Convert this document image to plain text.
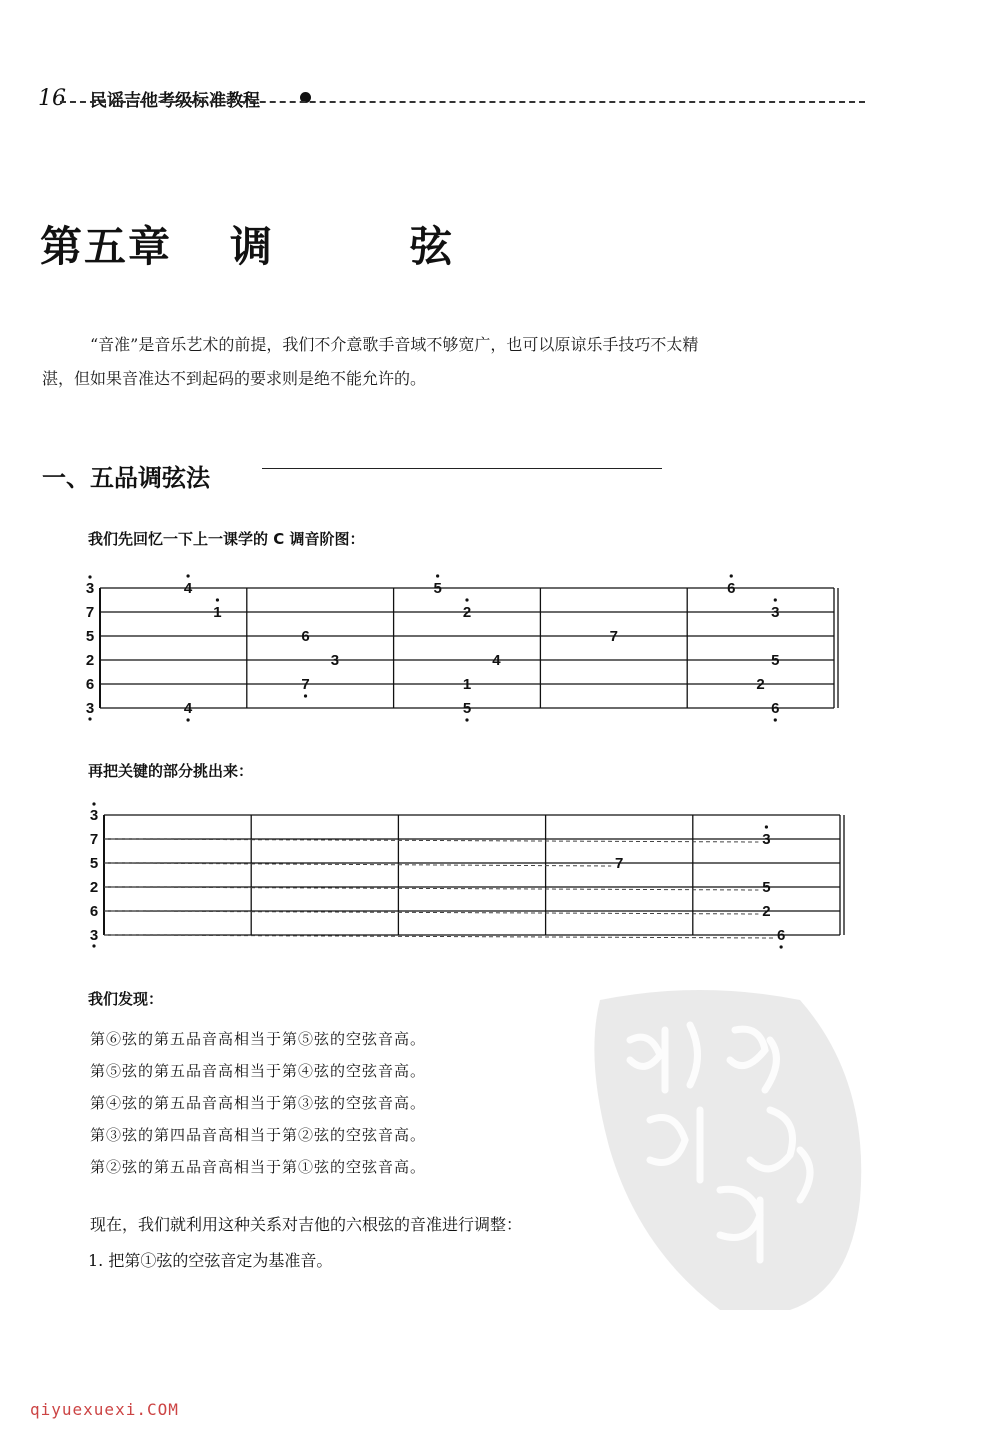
16 民谣吉他考级标准教程
第五章 调　弦
“音准”是音乐艺术的前提，我们不介意歌手音域不够宽广，也可以原谅乐手技巧不太精
湛，但如果音准达不到起码的要求则是绝不能允许的。
一、五品调弦法
我们先回忆一下上一课学的 C 调音阶图：
3
7
5
2
6
3
4
1
6
3
7
4
5
2
4
1
5
7
6
3
5
2
6
再把关键的部分挑出来：
3
7
5
2
6
3
3
7
5
2
6
我们发现：
第⑥弦的第五品音高相当于第⑤弦的空弦音高。
第⑤弦的第五品音高相当于第④弦的空弦音高。
第④弦的第五品音高相当于第③弦的空弦音高。
第③弦的第四品音高相当于第②弦的空弦音高。
第②弦的第五品音高相当于第①弦的空弦音高。
现在，我们就利用这种关系对吉他的六根弦的音准进行调整：
1. 把第①弦的空弦音定为基准音。
qiyuexuexi.COM
